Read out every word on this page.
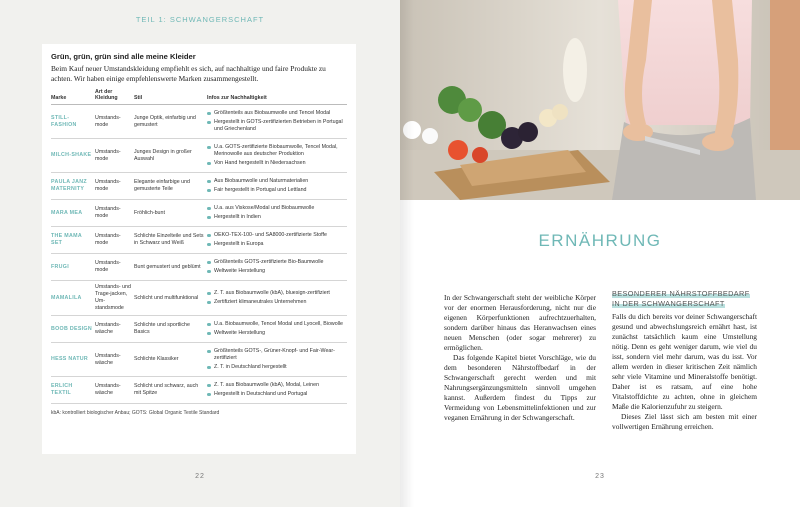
TEIL 1: SCHWANGERSCHAFT
Grün, grün, grün sind alle meine Kleider
Beim Kauf neuer Umstandskleidung empfiehlt es sich, auf nachhaltige und faire Produkte zu achten. Wir haben einige empfehlenswerte Marken zusammengestellt.
Marke	Art der Kleidung	Stil	Infos zur Nachhaltigkeit
STILL-FASHION	Umstands-mode	Junge Optik, einfarbig und gemustert	Größtenteils aus Biobaumwolle und Tencel Modal
Hergestellt in GOTS-zertifizierten Betrieben in Portugal und Griechenland

MILCH-SHAKE	Umstands-mode	Junges Design in großer Auswahl	U.a. GOTS-zertifizierte Biobaumwolle, Tencel Modal, Merinowolle aus deutscher Produktion
Von Hand hergestellt in Niedersachsen

PAULA JANZ MATERNITY	Umstands-mode	Elegante einfarbige und gemusterte Teile	Aus Biobaumwolle und Naturmaterialien
Fair hergestellt in Portugal und Lettland

MARA MEA	Umstands-mode	Fröhlich-bunt	U.a. aus Viskose/Modal und Biobaumwolle
Hergestellt in Indien

THE MAMA SET	Umstands-mode	Schlichte Einzelteile und Sets in Schwarz und Weiß	OEKO-TEX-100- und SA8000-zertifizierte Stoffe
Hergestellt in Europa

FRUGI	Umstands-mode	Bunt gemustert und geblümt	Größtenteils GOTS-zertifizierte Bio-Baumwolle
Weltweite Herstellung

MAMALILA	Umstands- und Trage-jacken, Um-standsmode	Schlicht und multifunktional	Z. T. aus Biobaumwolle (kbA), bluesign-zertifiziert
Zertifiziert klimaneutrales Unternehmen

BOOB DESIGN	Umstands-wäsche	Schlichte und sportliche Basics	U.a. Biobaumwolle, Tencel Modal und Lyocell, Biowolle
Weltweite Herstellung

HESS NATUR	Umstands-wäsche	Schlichte Klassiker	Größtenteils GOTS-, Grüner-Knopf- und Fair-Wear-zertifiziert
Z. T. in Deutschland hergestellt

ERLICH TEXTIL	Umstands-wäsche	Schlicht und schwarz, auch mit Spitze	Z. T. aus Biobaumwolle (kbA), Modal, Leinen
Hergestellt in Deutschland und Portugal
kbA: kontrolliert biologischer Anbau; GOTS: Global Organic Textile Standard
22
ERNÄHRUNG

In der Schwangerschaft steht der weibliche Körper vor der enormen Herausforderung, nicht nur die eigenen Körperfunktionen aufrechtzuerhalten, sondern darüber hinaus das Heranwachsen eines neuen Menschen (oder sogar mehrerer) zu ermöglichen.

Das folgende Kapitel bietet Vorschläge, wie du dem besonderen Nährstoffbedarf in der Schwangerschaft gerecht werden und mit Nahrungsergänzungsmitteln sinnvoll umgehen kannst. Außerdem findest du Tipps zur Vermeidung von Lebensmittelinfektionen und zur veganen Ernährung in der Schwangerschaft.

BESONDERER NÄHRSTOFFBEDARF
IN DER SCHWANGERSCHAFT

Falls du dich bereits vor deiner Schwangerschaft gesund und abwechslungsreich ernährt hast, ist zunächst tatsächlich kaum eine Umstellung nötig. Denn es geht weniger darum, wie viel du isst, sondern viel mehr darum, was du isst. Vor allem werden in dieser kritischen Zeit nämlich sehr viele Vitamine und Mineralstoffe benötigt. Daher ist es ratsam, auf eine hohe Vitalstoffdichte zu achten, ohne in gleichem Maße die Kalorienzufuhr zu steigern.

Dieses Ziel lässt sich am besten mit einer vollwertigen Ernährung erreichen.

23
